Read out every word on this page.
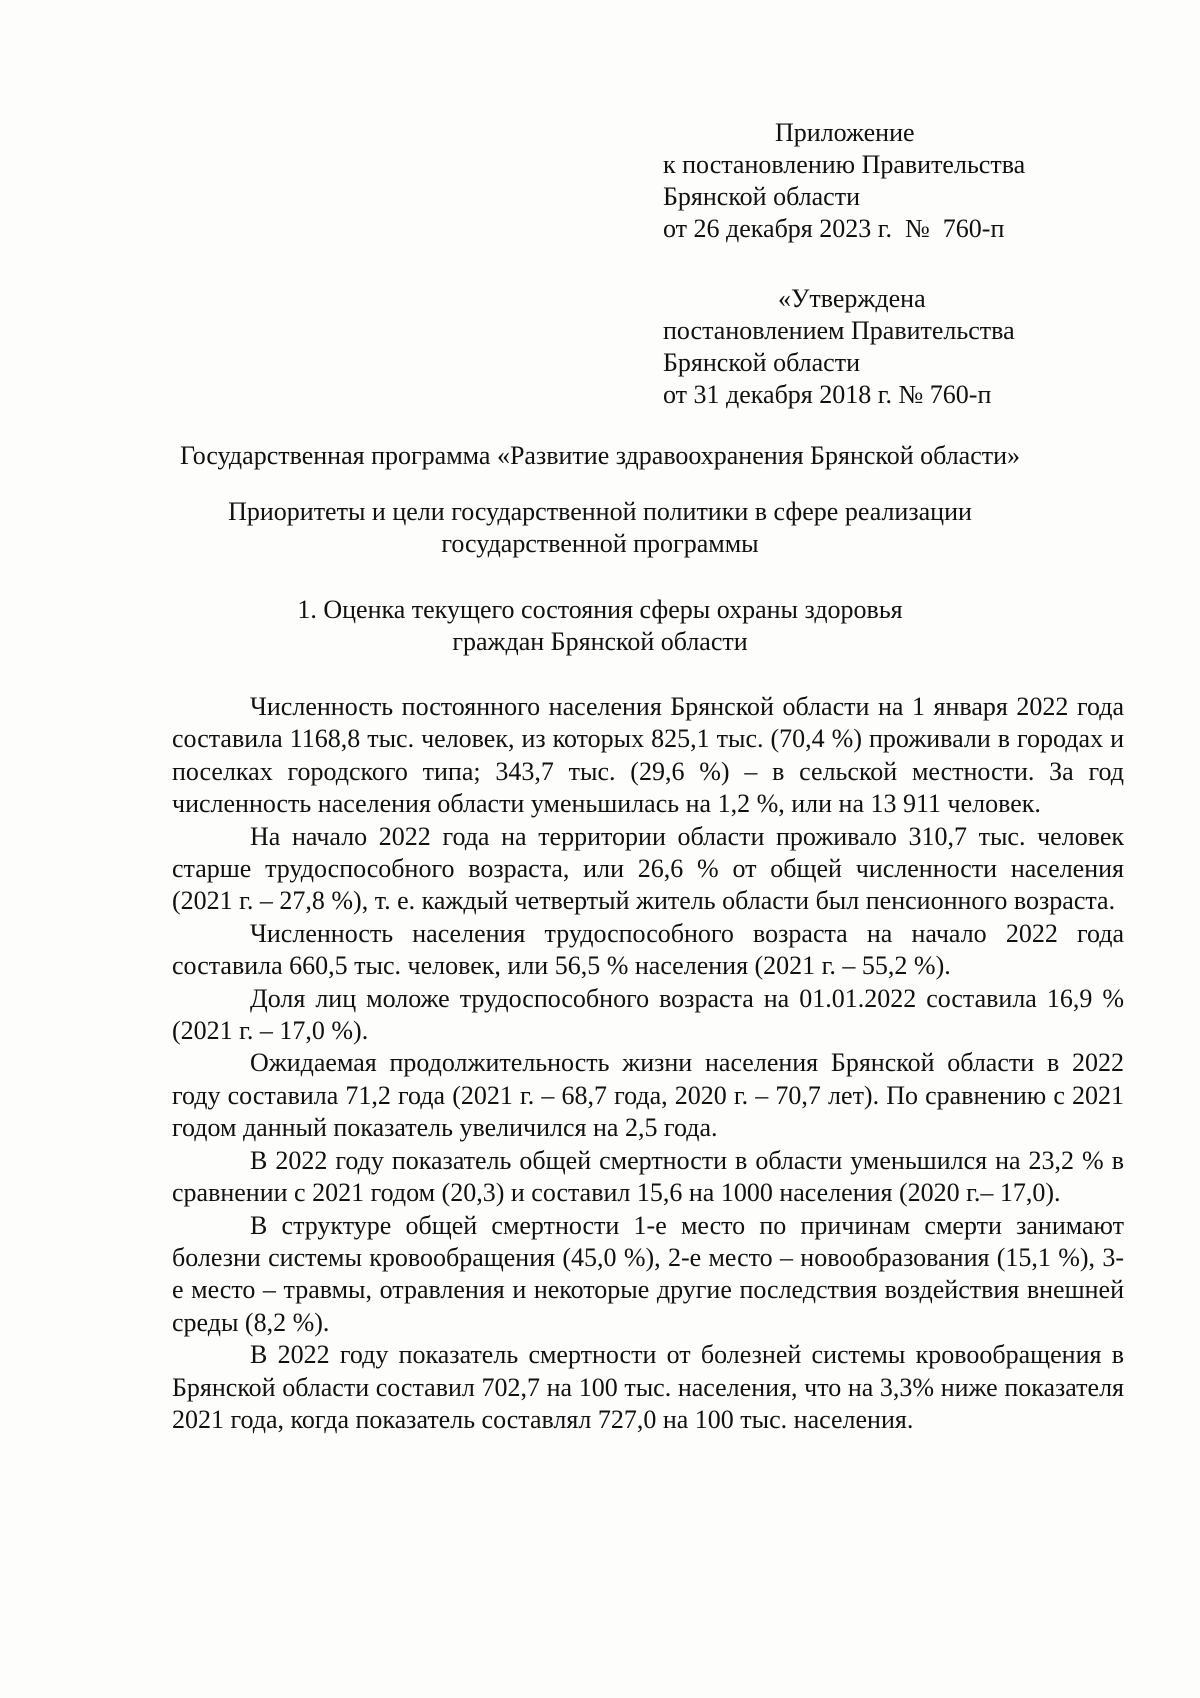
Приложение
к постановлению Правительства
Брянской области
от 26 декабря 2023 г.  №  760-п
«Утверждена
постановлением Правительства
Брянской области
от 31 декабря 2018 г. № 760-п
Государственная программа «Развитие здравоохранения Брянской области»
Приоритеты и цели государственной политики в сфере реализации
государственной программы
1. Оценка текущего состояния сферы охраны здоровья
граждан Брянской области

Численность постоянного населения Брянской области на 1 января 2022 года составила 1168,8 тыс. человек, из которых 825,1 тыс. (70,4 %) проживали в городах и поселках городского типа; 343,7 тыс. (29,6 %) – в сельской местности. За год численность населения области уменьшилась на 1,2 %, или на 13 911 человек.

На начало 2022 года на территории области проживало 310,7 тыс. человек старше трудоспособного возраста, или 26,6 % от общей численности населения (2021 г. – 27,8 %), т. е. каждый четвертый житель области был пенсионного возраста.

Численность населения трудоспособного возраста на начало 2022 года составила 660,5 тыс. человек, или 56,5 % населения (2021 г. – 55,2 %).

Доля лиц моложе трудоспособного возраста на 01.01.2022 составила 16,9 % (2021 г. – 17,0 %).

Ожидаемая продолжительность жизни населения Брянской области в 2022 году составила 71,2 года (2021 г. – 68,7 года, 2020 г. – 70,7 лет). По сравнению с 2021 годом данный показатель увеличился на 2,5 года.

В 2022 году показатель общей смертности в области уменьшился на 23,2 % в сравнении с 2021 годом (20,3) и составил 15,6 на 1000 населения (2020 г.– 17,0).

В структуре общей смертности 1-е место по причинам смерти занимают болезни системы кровообращения (45,0 %), 2-е место – новообразования (15,1 %), 3-е место – травмы, отравления и некоторые другие последствия воздействия внешней среды (8,2 %).

В 2022 году показатель смертности от болезней системы кровообращения в Брянской области составил 702,7 на 100 тыс. населения, что на 3,3% ниже показателя 2021 года, когда показатель составлял 727,0 на 100 тыс. населения.
